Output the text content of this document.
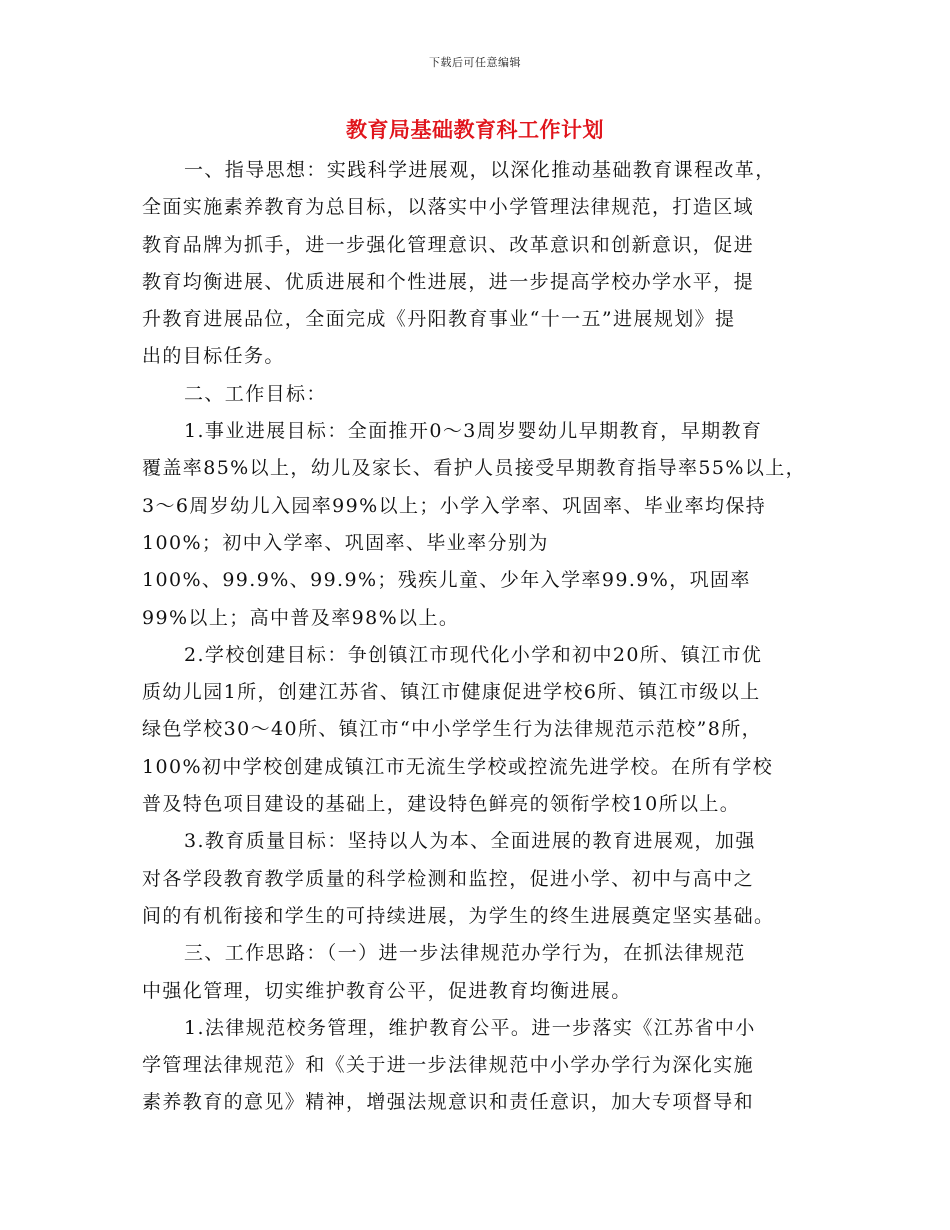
下载后可任意编辑
教育局基础教育科工作计划

一、指导思想：实践科学进展观，以深化推动基础教育课程改革，
全面实施素养教育为总目标，以落实中小学管理法律规范，打造区域
教育品牌为抓手，进一步强化管理意识、改革意识和创新意识，促进
教育均衡进展、优质进展和个性进展，进一步提高学校办学水平，提
升教育进展品位，全面完成《丹阳教育事业“十一五”进展规划》提
出的目标任务。

二、工作目标：

1.事业进展目标：全面推开0～3周岁婴幼儿早期教育，早期教育
覆盖率85%以上，幼儿及家长、看护人员接受早期教育指导率55%以上，
3～6周岁幼儿入园率99%以上；小学入学率、巩固率、毕业率均保持
100%；初中入学率、巩固率、毕业率分别为
100%、99.9%、99.9%；残疾儿童、少年入学率99.9%，巩固率
99%以上；高中普及率98%以上。

2.学校创建目标：争创镇江市现代化小学和初中20所、镇江市优
质幼儿园1所，创建江苏省、镇江市健康促进学校6所、镇江市级以上
绿色学校30～40所、镇江市“中小学学生行为法律规范示范校”8所，
100%初中学校创建成镇江市无流生学校或控流先进学校。在所有学校
普及特色项目建设的基础上，建设特色鲜亮的领衔学校10所以上。

3.教育质量目标：坚持以人为本、全面进展的教育进展观，加强
对各学段教育教学质量的科学检测和监控，促进小学、初中与高中之
间的有机衔接和学生的可持续进展，为学生的终生进展奠定坚实基础。

三、工作思路：（一）进一步法律规范办学行为，在抓法律规范
中强化管理，切实维护教育公平，促进教育均衡进展。

1.法律规范校务管理，维护教育公平。进一步落实《江苏省中小
学管理法律规范》和《关于进一步法律规范中小学办学行为深化实施
素养教育的意见》精神，增强法规意识和责任意识，加大专项督导和
